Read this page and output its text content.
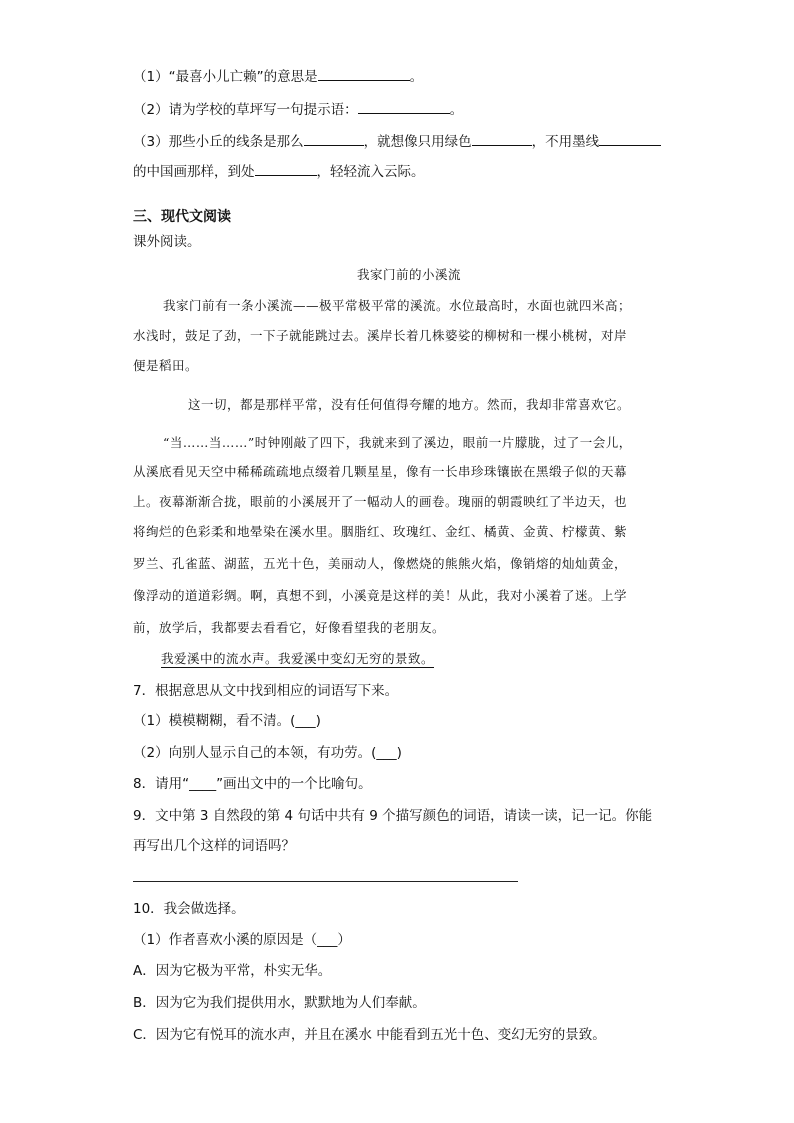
（1）“最喜小儿亡赖”的意思是	。
（2）请为学校的草坪写一句提示语：	。
（3）那些小丘的线条是那么	，就想像只用绿色	，不用墨线
的中国画那样，到处	，轻轻流入云际。
三、现代文阅读
课外阅读。
我家门前的小溪流
我家门前有一条小溪流——极平常极平常的溪流。水位最高时，水面也就四米高；
水浅时，鼓足了劲，一下子就能跳过去。溪岸长着几株婆娑的柳树和一棵小桃树，对岸
便是稻田。
这一切，都是那样平常，没有任何值得夸耀的地方。然而，我却非常喜欢它。
“当……当……”时钟刚敲了四下，我就来到了溪边，眼前一片朦胧，过了一会儿，
从溪底看见天空中稀稀疏疏地点缀着几颗星星，像有一长串珍珠镶嵌在黑缎子似的天幕
上。夜幕渐渐合拢，眼前的小溪展开了一幅动人的画卷。瑰丽的朝霞映红了半边天，也
将绚烂的色彩柔和地晕染在溪水里。胭脂红、玫瑰红、金红、橘黄、金黄、柠檬黄、紫
罗兰、孔雀蓝、湖蓝，五光十色，美丽动人，像燃烧的熊熊火焰，像销熔的灿灿黄金，
像浮动的道道彩绸。啊，真想不到，小溪竟是这样的美！从此，我对小溪着了迷。上学
前，放学后，我都要去看看它，好像看望我的老朋友。
我爱溪中的流水声。我爱溪中变幻无穷的景致。
7．根据意思从文中找到相应的词语写下来。
（1）模模糊糊，看不清。(___)
（2）向别人显示自己的本领，有功劳。(___)
8．请用“____”画出文中的一个比喻句。
9．文中第 3 自然段的第 4 句话中共有 9 个描写颜色的词语，请读一读，记一记。你能
再写出几个这样的词语吗？
10．我会做选择。
（1）作者喜欢小溪的原因是（___）
A．因为它极为平常，朴实无华。
B．因为它为我们提供用水，默默地为人们奉献。
C．因为它有悦耳的流水声，并且在溪水 中能看到五光十色、变幻无穷的景致。
